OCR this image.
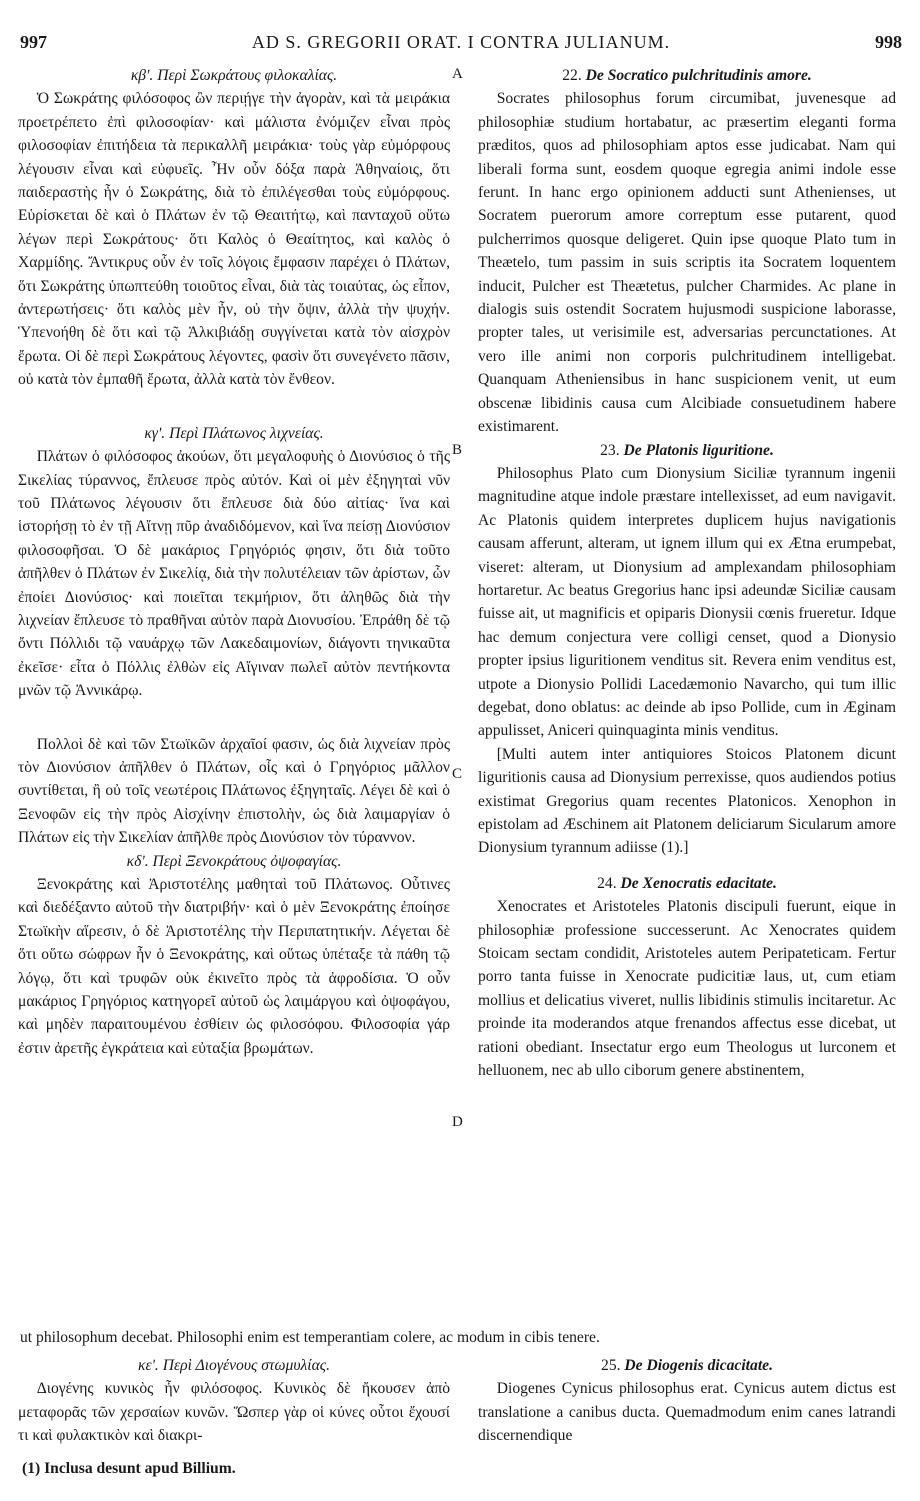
997	AD S. GREGORII ORAT. I CONTRA JULIANUM.	998
κβʹ. Περὶ Σωκράτους φιλοκαλίας.

Ὁ Σωκράτης φιλόσοφος ὢν περιῄγε τὴν ἀγορὰν, καὶ τὰ μειράκια προετρέπετο ἐπὶ φιλοσοφίαν· καὶ μάλιστα ἐνόμιζεν εἶναι πρὸς φιλοσοφίαν ἐπιτήδεια τὰ περικαλλῆ μειράκια· τοὺς γὰρ εὐμόρφους λέγουσιν εἶναι καὶ εὐφυεῖς. Ἦν οὖν δόξα παρὰ Ἀθηναίοις, ὅτι παιδεραστὴς ἦν ὁ Σωκράτης, διὰ τὸ ἐπιλέγεσθαι τοὺς εὐμόρφους. Εὑρίσκεται δὲ καὶ ὁ Πλάτων ἐν τῷ Θεαιτήτῳ, καὶ πανταχοῦ οὕτω λέγων περὶ Σωκράτους· ὅτι Καλὸς ὁ Θεαίτητος, καὶ καλὸς ὁ Χαρμίδης. Ἄντικρυς οὖν ἐν τοῖς λόγοις ἔμφασιν παρέχει ὁ Πλάτων, ὅτι Σωκράτης ὑπωπτεύθη τοιοῦτος εἶναι, διὰ τὰς τοιαύτας, ὡς εἶπον, ἀντερωτήσεις· ὅτι καλὸς μὲν ἦν, οὐ τὴν ὄψιν, ἀλλὰ τὴν ψυχήν. Ὑπενοήθη δὲ ὅτι καὶ τῷ Ἀλκιβιάδῃ συγγίνεται κατὰ τὸν αἰσχρὸν ἔρωτα. Οἱ δὲ περὶ Σωκράτους λέγοντες, φασὶν ὅτι συνεγένετο πᾶσιν, οὐ κατὰ τὸν ἐμπαθῆ ἔρωτα, ἀλλὰ κατὰ τὸν ἔνθεον.

κγʹ. Περὶ Πλάτωνος λιχνείας.

Πλάτων ὁ φιλόσοφος ἀκούων, ὅτι μεγαλοφυὴς ὁ Διονύσιος ὁ τῆς Σικελίας τύραννος, ἔπλευσε πρὸς αὐτόν. Καὶ οἱ μὲν ἐξηγηταὶ νῦν τοῦ Πλάτωνος λέγουσιν ὅτι ἔπλευσε διὰ δύο αἰτίας· ἵνα καὶ ἱστορήσῃ τὸ ἐν τῇ Αἴτνῃ πῦρ ἀναδιδόμενον, καὶ ἵνα πείσῃ Διονύσιον φιλοσοφῆσαι. Ὁ δὲ μακάριος Γρηγόριός φησιν, ὅτι διὰ τοῦτο ἀπῆλθεν ὁ Πλάτων ἐν Σικελίᾳ, διὰ τὴν πολυτέλειαν τῶν ἀρίστων, ὧν ἐποίει Διονύσιος· καὶ ποιεῖται τεκμήριον, ὅτι ἀληθῶς διὰ τὴν λιχνείαν ἔπλευσε τὸ πραθῆναι αὐτὸν παρὰ Διονυσίου. Ἐπράθη δὲ τῷ ὄντι Πόλλιδι τῷ ναυάρχῳ τῶν Λακεδαιμονίων, διάγοντι τηνικαῦτα ἐκεῖσε· εἶτα ὁ Πόλλις ἐλθὼν εἰς Αἴγιναν πωλεῖ αὐτὸν πεντήκοντα μνῶν τῷ Ἀννικάρῳ.

Πολλοὶ δὲ καὶ τῶν Στωϊκῶν ἀρχαῖοί φασιν, ὡς διὰ λιχνείαν πρὸς τὸν Διονύσιον ἀπῆλθεν ὁ Πλάτων, οἷς καὶ ὁ Γρηγόριος μᾶλλον συντίθεται, ἢ οὐ τοῖς νεωτέροις Πλάτωνος ἐξηγηταῖς. Λέγει δὲ καὶ ὁ Ξενοφῶν εἰς τὴν πρὸς Αἰσχίνην ἐπιστολὴν, ὡς διὰ λαιμαργίαν ὁ Πλάτων εἰς τὴν Σικελίαν ἀπῆλθε πρὸς Διονύσιον τὸν τύραννον.

κδʹ. Περὶ Ξενοκράτους ὀψοφαγίας.

Ξενοκράτης καὶ Ἀριστοτέλης μαθηταὶ τοῦ Πλάτωνος. Οὗτινες καὶ διεδέξαντο αὐτοῦ τὴν διατριβήν· καὶ ὁ μὲν Ξενοκράτης ἐποίησε Στωϊκὴν αἵρεσιν, ὁ δὲ Ἀριστοτέλης τὴν Περιπατητικήν. Λέγεται δὲ ὅτι οὕτω σώφρων ἦν ὁ Ξενοκράτης, καὶ οὕτως ὑπέταξε τὰ πάθη τῷ λόγῳ, ὅτι καὶ τρυφῶν οὐκ ἐκινεῖτο πρὸς τὰ ἀφροδίσια. Ὁ οὖν μακάριος Γρηγόριος κατηγορεῖ αὐτοῦ ὡς λαιμάργου καὶ ὀψοφάγου, καὶ μηδὲν παραιτουμένου ἐσθίειν ὡς φιλοσόφου. Φιλοσοφία γάρ ἐστιν ἀρετῆς ἐγκράτεια καὶ εὐταξία βρωμάτων.

22. De Socratico pulchritudinis amore.

Socrates philosophus forum circumibat, juvenesque ad philosophiæ studium hortabatur, ac præsertim eleganti forma præditos, quos ad philosophiam aptos esse judicabat. Nam qui liberali forma sunt, eosdem quoque egregia animi indole esse ferunt. In hanc ergo opinionem adducti sunt Athenienses, ut Socratem puerorum amore correptum esse putarent, quod pulcherrimos quosque deligeret. Quin ipse quoque Plato tum in Theætelo, tum passim in suis scriptis ita Socratem loquentem inducit, Pulcher est Theætetus, pulcher Charmides. Ac plane in dialogis suis ostendit Socratem hujusmodi suspicione laborasse, propter tales, ut verisimile est, adversarias percunctationes. At vero ille animi non corporis pulchritudinem intelligebat. Quanquam Atheniensibus in hanc suspicionem venit, ut eum obscenæ libidinis causa cum Alcibiade consuetudinem habere existimarent.

23. De Platonis liguritione.

Philosophus Plato cum Dionysium Siciliæ tyrannum ingenii magnitudine atque indole præstare intellexisset, ad eum navigavit. Ac Platonis quidem interpretes duplicem hujus navigationis causam afferunt, alteram, ut ignem illum qui ex Ætna erumpebat, viseret: alteram, ut Dionysium ad amplexandam philosophiam hortaretur. Ac beatus Gregorius hanc ipsi adeundæ Siciliæ causam fuisse ait, ut magnificis et opiparis Dionysii cœnis frueretur. Idque hac demum conjectura vere colligi censet, quod a Dionysio propter ipsius liguritionem venditus sit. Revera enim venditus est, utpote a Dionysio Pollidi Lacedæmonio Navarcho, qui tum illic degebat, dono oblatus: ac deinde ab ipso Pollide, cum in Æginam appulisset, Aniceri quinquaginta minis venditus.

[Multi autem inter antiquiores Stoicos Platonem dicunt liguritionis causa ad Dionysium perrexisse, quos audiendos potius existimat Gregorius quam recentes Platonicos. Xenophon in epistolam ad Æschinem ait Platonem deliciarum Sicularum amore Dionysium tyrannum adiisse (1).]

24. De Xenocratis edacitate.

Xenocrates et Aristoteles Platonis discipuli fuerunt, eique in philosophiæ professione successerunt. Ac Xenocrates quidem Stoicam sectam condidit, Aristoteles autem Peripateticam. Fertur porro tanta fuisse in Xenocrate pudicitiæ laus, ut, cum etiam mollius et delicatius viveret, nullis libidinis stimulis incitaretur. Ac proinde ita moderandos atque frenandos affectus esse dicebat, ut rationi obediant. Insectatur ergo eum Theologus ut lurconem et helluonem, nec ab ullo ciborum genere abstinentem,

A
B
C
D
ut philosophum decebat. Philosophi enim est temperantiam colere, ac modum in cibis tenere.
κεʹ. Περὶ Διογένους στωμυλίας.

Διογένης κυνικὸς ἦν φιλόσοφος. Κυνικὸς δὲ ἤκουσεν ἀπὸ μεταφορᾶς τῶν χερσαίων κυνῶν. Ὥσπερ γὰρ οἱ κύνες οὗτοι ἔχουσί τι καὶ φυλακτικὸν καὶ διακρι-

25. De Diogenis dicacitate.

Diogenes Cynicus philosophus erat. Cynicus autem dictus est translatione a canibus ducta. Quemadmodum enim canes latrandi discernendique

(1) Inclusa desunt apud Billium.
